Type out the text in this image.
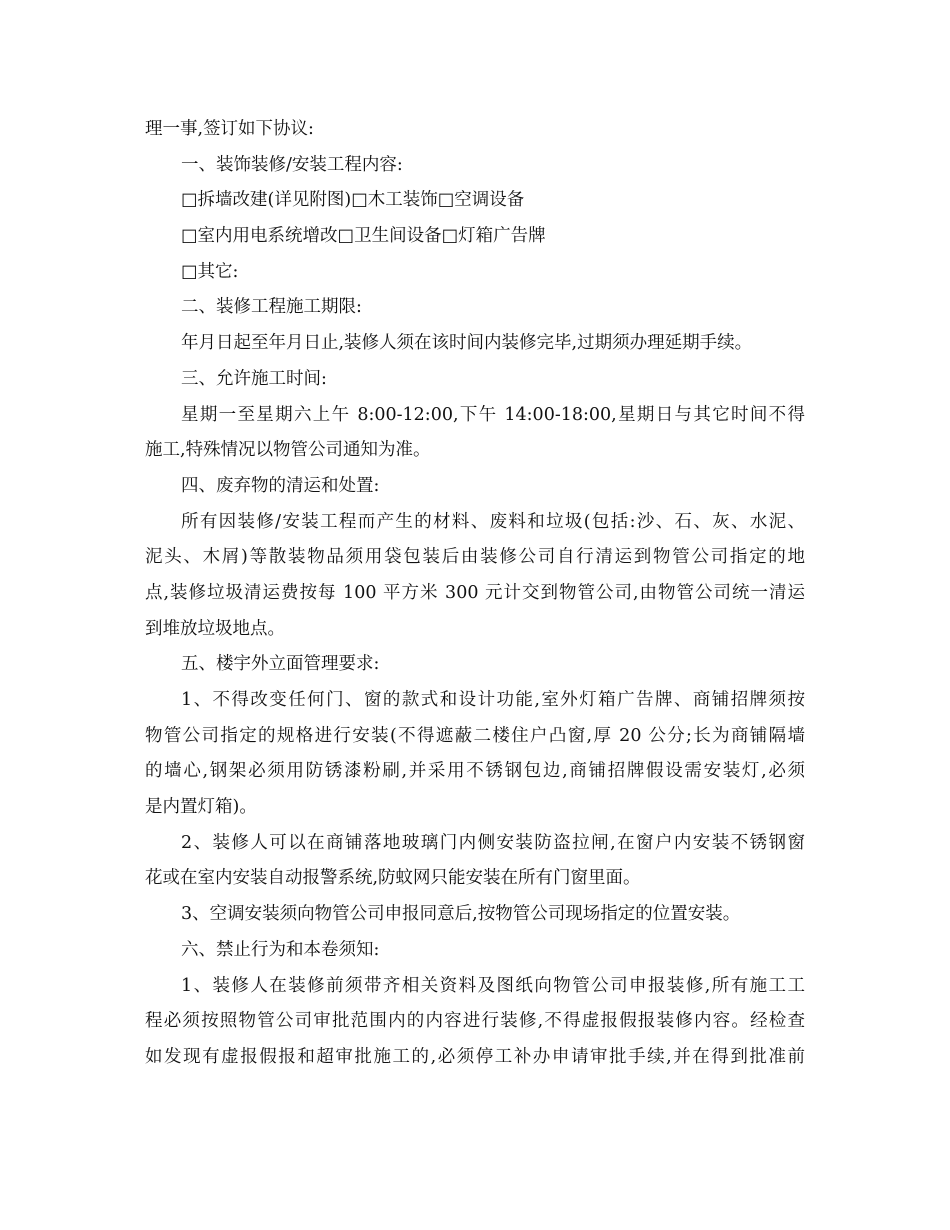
理一事,签订如下协议:
一、装饰装修/安装工程内容:
□拆墙改建(详见附图)□木工装饰□空调设备
□室内用电系统增改□卫生间设备□灯箱广告牌
□其它:
二、装修工程施工期限:
年月日起至年月日止,装修人须在该时间内装修完毕,过期须办理延期手续。
三、允许施工时间:
星期一至星期六上午 8:00-12:00,下午 14:00-18:00,星期日与其它时间不得
施工,特殊情况以物管公司通知为准。
四、废弃物的清运和处置:
所有因装修/安装工程而产生的材料、废料和垃圾(包括:沙、石、灰、水泥、
泥头、木屑)等散装物品须用袋包装后由装修公司自行清运到物管公司指定的地
点,装修垃圾清运费按每 100 平方米 300 元计交到物管公司,由物管公司统一清运
到堆放垃圾地点。
五、楼宇外立面管理要求:
1、不得改变任何门、窗的款式和设计功能,室外灯箱广告牌、商铺招牌须按
物管公司指定的规格进行安装(不得遮蔽二楼住户凸窗,厚 20 公分;长为商铺隔墙
的墙心,钢架必须用防锈漆粉刷,并采用不锈钢包边,商铺招牌假设需安装灯,必须
是内置灯箱)。
2、装修人可以在商铺落地玻璃门内侧安装防盗拉闸,在窗户内安装不锈钢窗
花或在室内安装自动报警系统,防蚊网只能安装在所有门窗里面。
3、空调安装须向物管公司申报同意后,按物管公司现场指定的位置安装。
六、禁止行为和本卷须知:
1、装修人在装修前须带齐相关资料及图纸向物管公司申报装修,所有施工工
程必须按照物管公司审批范围内的内容进行装修,不得虚报假报装修内容。经检查
如发现有虚报假报和超审批施工的,必须停工补办申请审批手续,并在得到批准前
